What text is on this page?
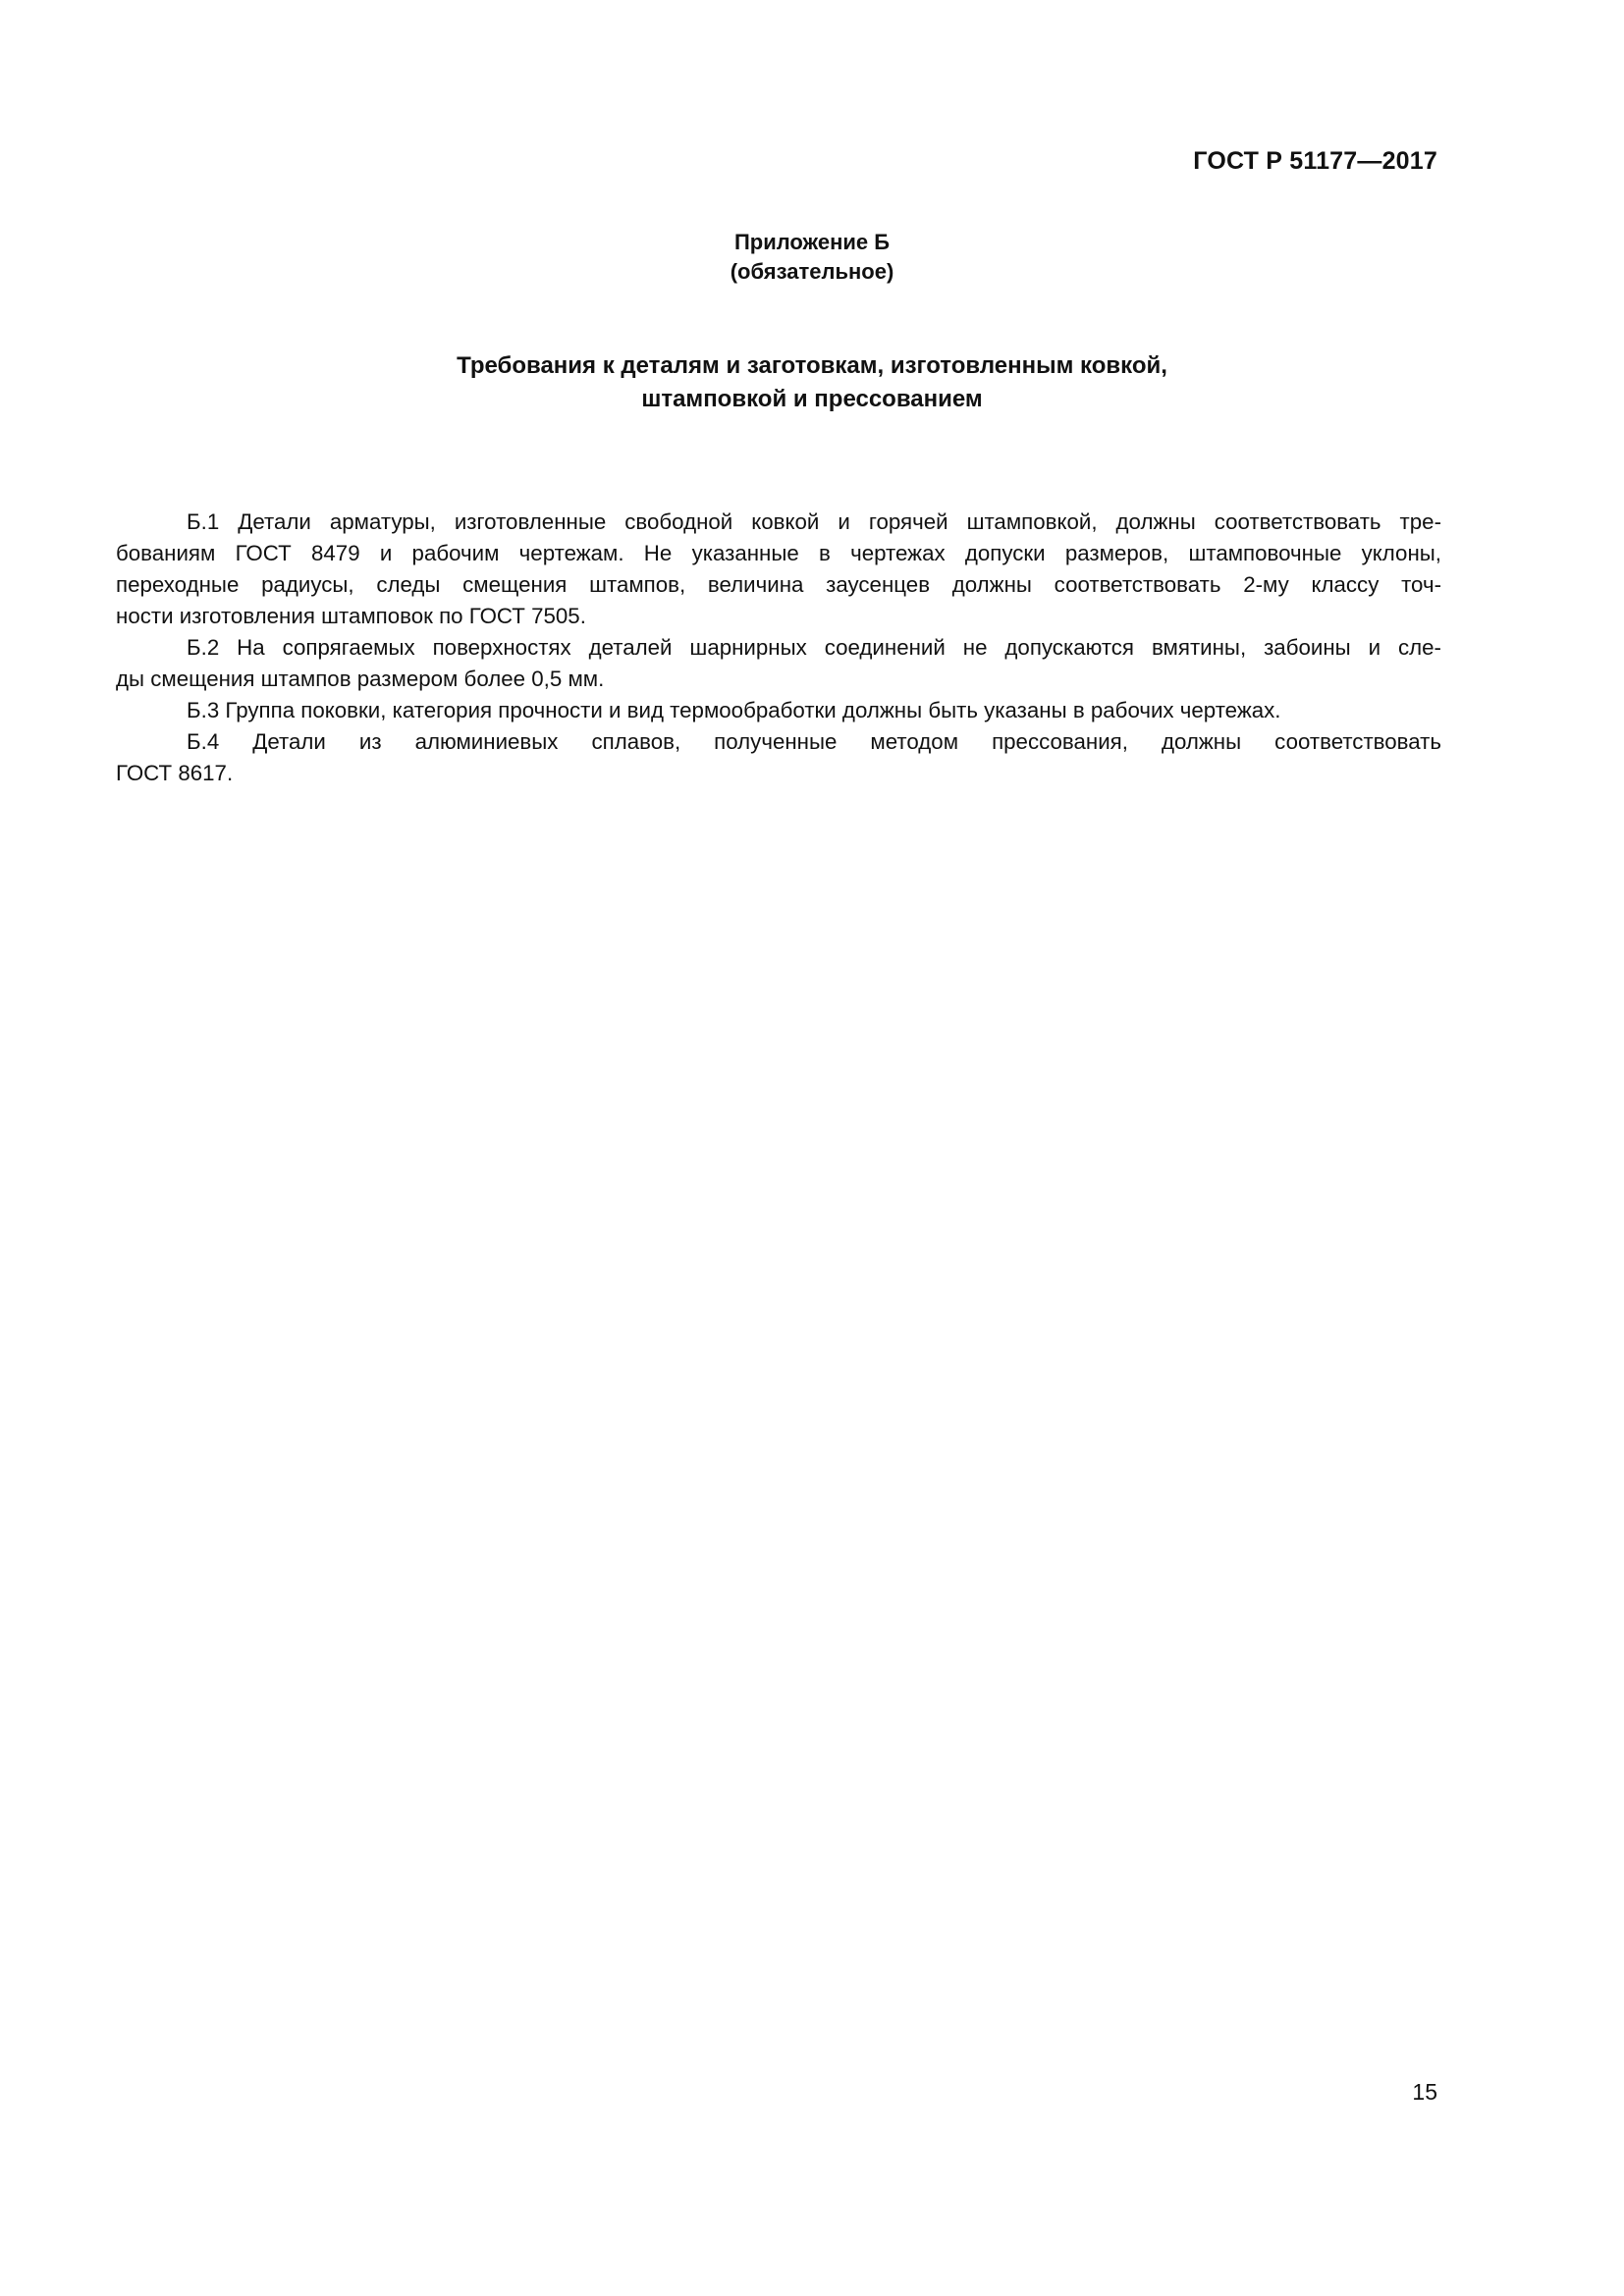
ГОСТ Р 51177—2017
Приложение Б
(обязательное)
Требования к деталям и заготовкам, изготовленным ковкой,
штамповкой и прессованием

Б.1 Детали арматуры, изготовленные свободной ковкой и горячей штамповкой, должны соответствовать тре-
бованиям ГОСТ 8479 и рабочим чертежам. Не указанные в чертежах допуски размеров, штамповочные уклоны,
переходные радиусы, следы смещения штампов, величина заусенцев должны соответствовать 2-му классу точ-
ности изготовления штамповок по ГОСТ 7505.

Б.2 На сопрягаемых поверхностях деталей шарнирных соединений не допускаются вмятины, забоины и сле-
ды смещения штампов размером более 0,5 мм.

Б.3 Группа поковки, категория прочности и вид термообработки должны быть указаны в рабочих чертежах.

Б.4 Детали из алюминиевых сплавов, полученные методом прессования, должны соответствовать
ГОСТ 8617.

15
